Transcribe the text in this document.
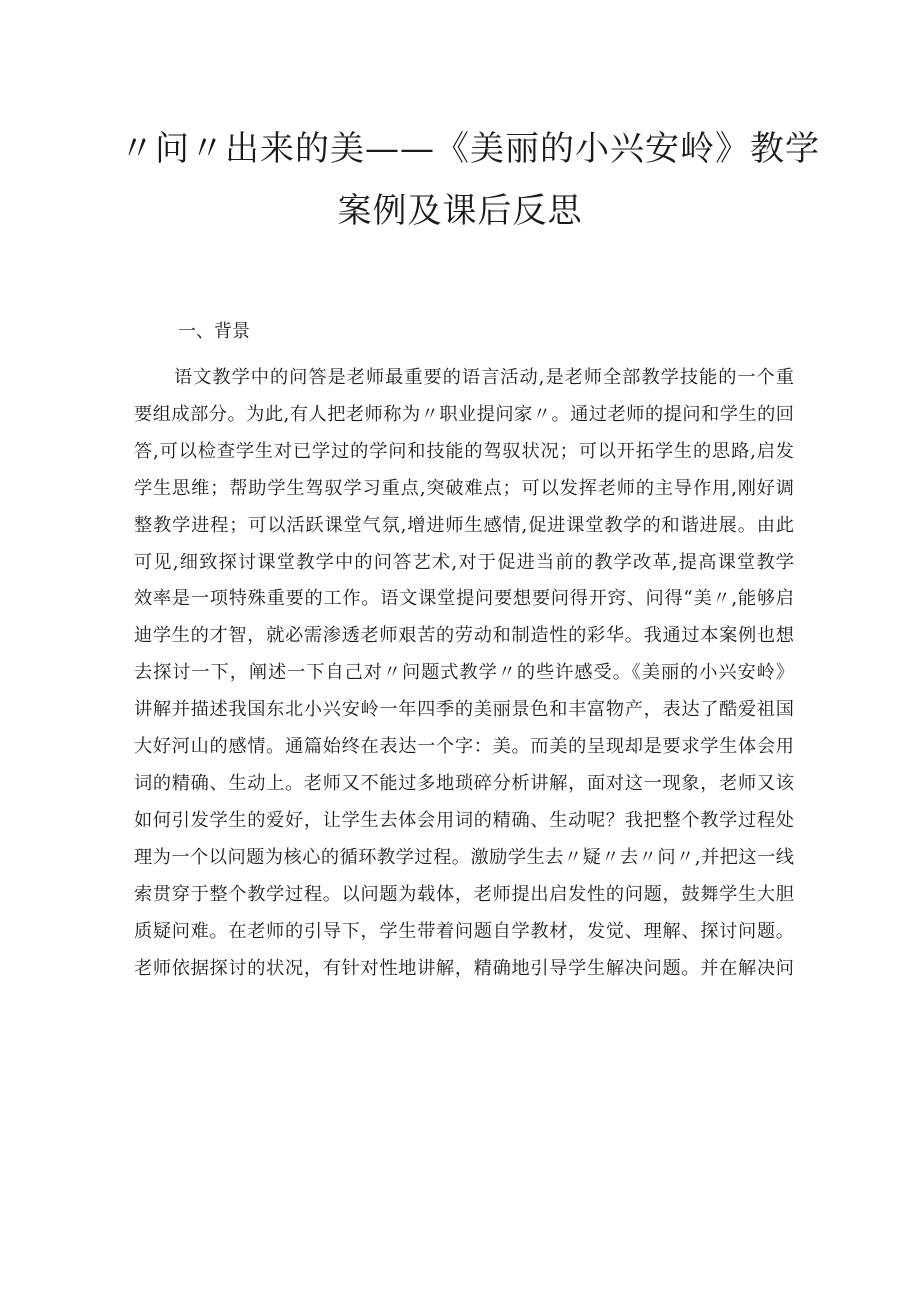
〃问〃出来的美——《美丽的小兴安岭》教学
案例及课后反思
一、背景
语文教学中的问答是老师最重要的语言活动,是老师全部教学技能的一个重
要组成部分。为此,有人把老师称为〃职业提问家〃。通过老师的提问和学生的回
答,可以检查学生对已学过的学问和技能的驾驭状况；可以开拓学生的思路,启发
学生思维；帮助学生驾驭学习重点,突破难点；可以发挥老师的主导作用,刚好调
整教学进程；可以活跃课堂气氛,增进师生感情,促进课堂教学的和谐进展。由此
可见,细致探讨课堂教学中的问答艺术,对于促进当前的教学改革,提高课堂教学
效率是一项特殊重要的工作。语文课堂提问要想要问得开窍、问得“美〃,能够启
迪学生的才智，就必需渗透老师艰苦的劳动和制造性的彩华。我通过本案例也想
去探讨一下，阐述一下自己对〃问题式教学〃的些许感受。《美丽的小兴安岭》
讲解并描述我国东北小兴安岭一年四季的美丽景色和丰富物产，表达了酷爱祖国
大好河山的感情。通篇始终在表达一个字：美。而美的呈现却是要求学生体会用
词的精确、生动上。老师又不能过多地琐碎分析讲解，面对这一现象，老师又该
如何引发学生的爱好，让学生去体会用词的精确、生动呢？我把整个教学过程处
理为一个以问题为核心的循环教学过程。激励学生去〃疑〃去〃问〃,并把这一线
索贯穿于整个教学过程。以问题为载体，老师提出启发性的问题，鼓舞学生大胆
质疑问难。在老师的引导下，学生带着问题自学教材，发觉、理解、探讨问题。
老师依据探讨的状况，有针对性地讲解，精确地引导学生解决问题。并在解决问
